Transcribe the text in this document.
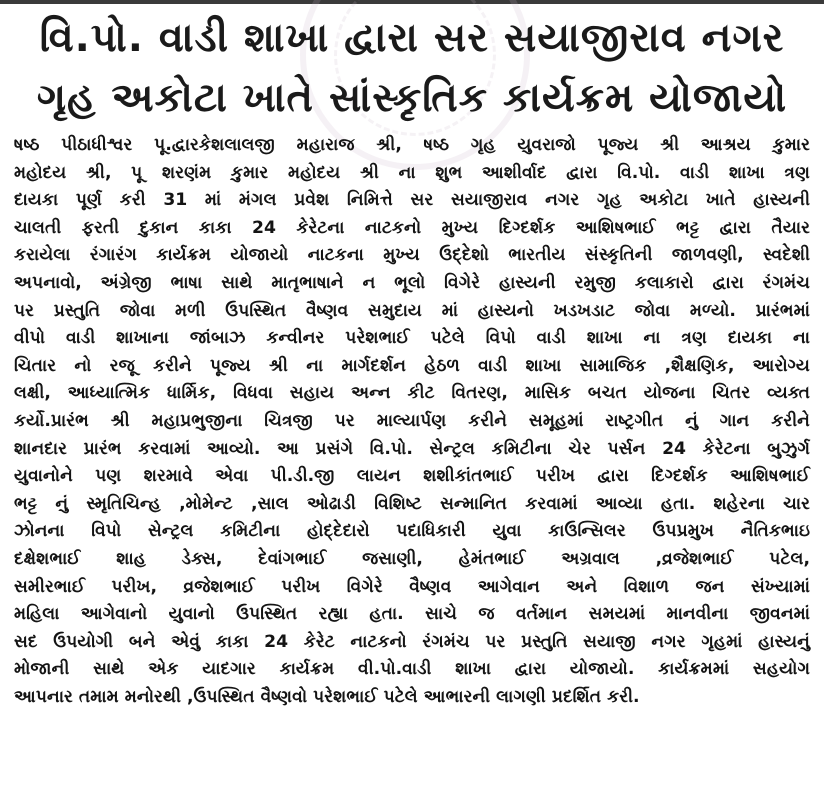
વિ.પો. વાડી શાખા દ્વારા સર સયાજીરાવ નગર
ગૃહ અકોટા ખાતે સાંસ્કૃતિક કાર્યક્રમ યોજાયો
ષષ્ઠ પીઠાધીશ્વર પૂ.દ્વારકેશલાલજી મહારાજ શ્રી, ષષ્ઠ ગૃહ યુવરાજો પૂજ્ય શ્રી આશ્રય કુમાર
મહોદય શ્રી, પૂ શરણંમ કુમાર મહોદય શ્રી ના શુભ આશીર્વાદ દ્વારા વિ.પો. વાડી શાખા ત્રણ
દાયકા પૂર્ણ કરી 31 માં મંગલ પ્રવેશ નિમિત્તે સર સયાજીરાવ નગર ગૃહ અકોટા ખાતે હાસ્યની
ચાલતી ફરતી દુકાન કાકા 24 કેરેટના નાટકનો મુખ્ય દિગ્દર્શક આશિષભાઈ ભટ્ટ દ્વારા તૈયાર
કરાયેલા રંગારંગ કાર્યક્રમ યોજાયો નાટકના મુખ્ય ઉદ્દેશો ભારતીય સંસ્કૃતિની જાળવણી, સ્વદેશી
અપનાવો, અંગ્રેજી ભાષા સાથે માતૃભાષાને ન ભૂલો વિગેરે હાસ્યની રમુજી કલાકારો દ્વારા રંગમંચ
પર પ્રસ્તુતિ જોવા મળી ઉપસ્થિત વૈષ્ણવ સમુદાય માં હાસ્યનો ખડખડાટ જોવા મળ્યો. પ્રારંભમાં
વીપો વાડી શાખાના જાંબાઝ કન્વીનર પરેશભાઈ પટેલે વિપો વાડી શાખા ના ત્રણ દાયકા ના
ચિતાર નો રજૂ કરીને પૂજ્ય શ્રી ના માર્ગદર્શન હેઠળ વાડી શાખા સામાજિક ,શૈક્ષણિક, આરોગ્ય
લક્ષી, આધ્યાત્મિક ધાર્મિક, વિધવા સહાય અન્ન કીટ વિતરણ, માસિક બચત યોજના ચિતર વ્યક્ત
કર્યો.પ્રારંભ શ્રી મહાપ્રભુજીના ચિત્રજી પર માલ્યાર્પણ કરીને સમૂહમાં રાષ્ટ્રગીત નું ગાન કરીને
શાનદાર પ્રારંભ કરવામાં આવ્યો. આ પ્રસંગે વિ.પો. સેન્ટ્રલ કમિટીના ચેર પર્સન 24 કેરેટના બુઝુર્ગ
યુવાનોને પણ શરમાવે એવા પી.ડી.જી લાયન શશીકાંતભાઈ પરીખ દ્વારા દિગ્દર્શક આશિષભાઈ
ભટ્ટ નું સ્મૃતિચિન્હ ,મોમેન્ટ ,સાલ ઓઢાડી વિશિષ્ટ સન્માનિત કરવામાં આવ્યા હતા. શહેરના ચાર
ઝોનના વિપો સેન્ટ્રલ કમિટીના હોદ્દેદારો પદાધિકારી યુવા કાઉન્સિલર ઉપપ્રમુખ નૈતિકભાઇ
દક્ષેશભાઈ શાહ ડેક્સ, દેવાંગભાઈ જસાણી, હેમંતભાઈ અગ્રવાલ ,વ્રજેશભાઈ પટેલ,
સમીરભાઈ પરીખ, વ્રજેશભાઈ પરીખ વિગેરે વૈષ્ણવ આગેવાન અને વિશાળ જન સંખ્યામાં
મહિલા આગેવાનો યુવાનો ઉપસ્થિત રહ્યા હતા. સાચે જ વર્તમાન સમયમાં માનવીના જીવનમાં
સદ ઉપયોગી બને એવું કાકા 24 કેરેટ નાટકનો રંગમંચ પર પ્રસ્તુતિ સયાજી નગર ગૃહમાં હાસ્યનું
મોજાની સાથે એક યાદગાર કાર્યક્રમ વી.પો.વાડી શાખા દ્વારા યોજાયો. કાર્યક્રમમાં સહયોગ
આપનાર તમામ મનોરથી ,ઉપસ્થિત વૈષ્ણવો પરેશભાઈ પટેલે આભારની લાગણી પ્રદર્શિત કરી.
